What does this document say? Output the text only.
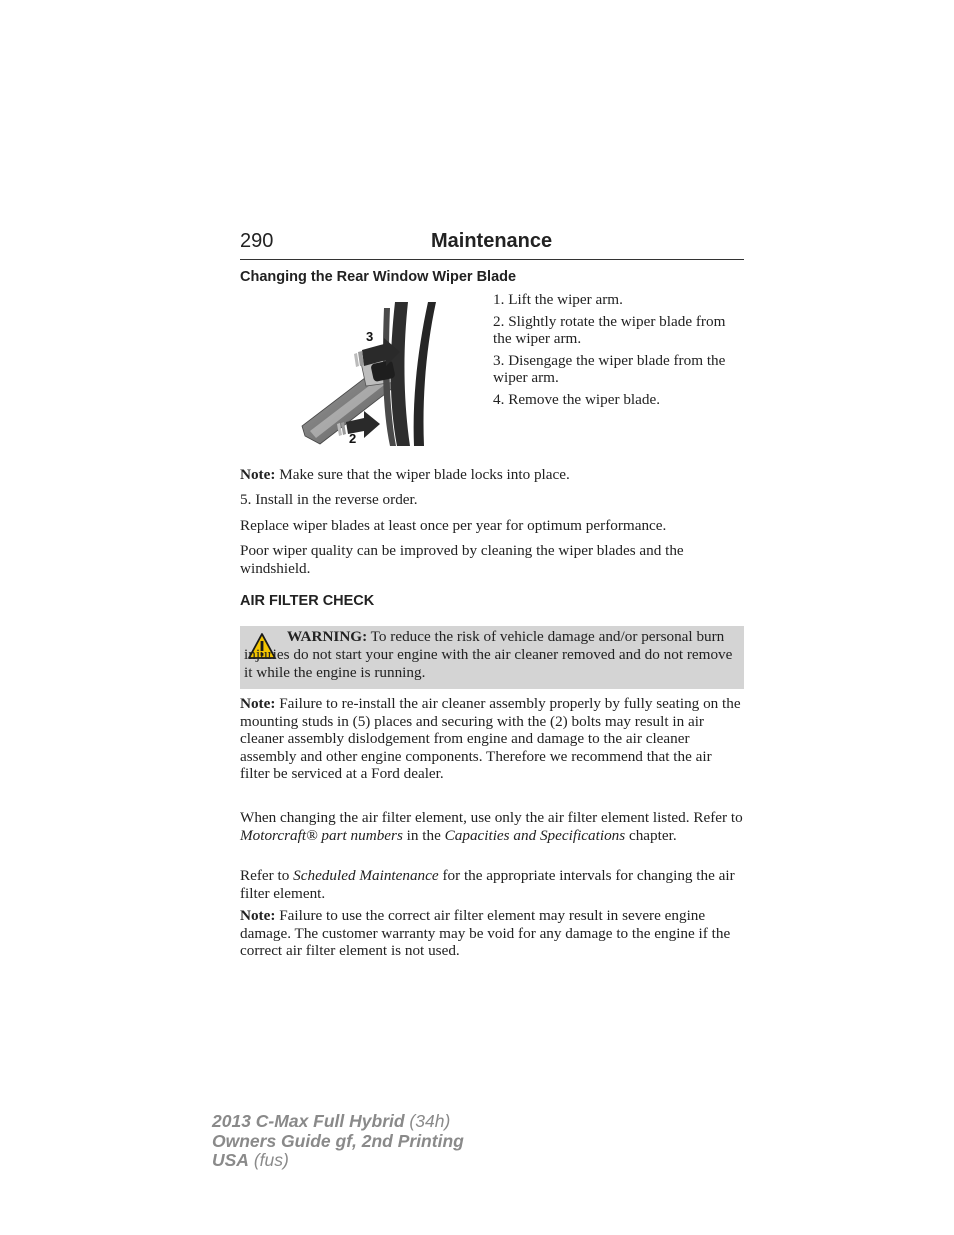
290	Maintenance
Changing the Rear Window Wiper Blade
3
2
1. Lift the wiper arm.
2. Slightly rotate the wiper blade from the wiper arm.
3. Disengage the wiper blade from the wiper arm.
4. Remove the wiper blade.

Note: Make sure that the wiper blade locks into place.

5. Install in the reverse order.

Replace wiper blades at least once per year for optimum performance.

Poor wiper quality can be improved by cleaning the wiper blades and the windshield.

AIR FILTER CHECK
WARNING: To reduce the risk of vehicle damage and/or personal burn injuries do not start your engine with the air cleaner removed and do not remove it while the engine is running.

Note: Failure to re-install the air cleaner assembly properly by fully seating on the mounting studs in (5) places and securing with the (2) bolts may result in air cleaner assembly dislodgement from engine and damage to the air cleaner assembly and other engine components. Therefore we recommend that the air filter be serviced at a Ford dealer.

When changing the air filter element, use only the air filter element listed. Refer to Motorcraft® part numbers in the Capacities and Specifications chapter.

Refer to Scheduled Maintenance for the appropriate intervals for changing the air filter element.

Note: Failure to use the correct air filter element may result in severe engine damage. The customer warranty may be void for any damage to the engine if the correct air filter element is not used.

2013 C-Max Full Hybrid (34h)
Owners Guide gf, 2nd Printing
USA (fus)
